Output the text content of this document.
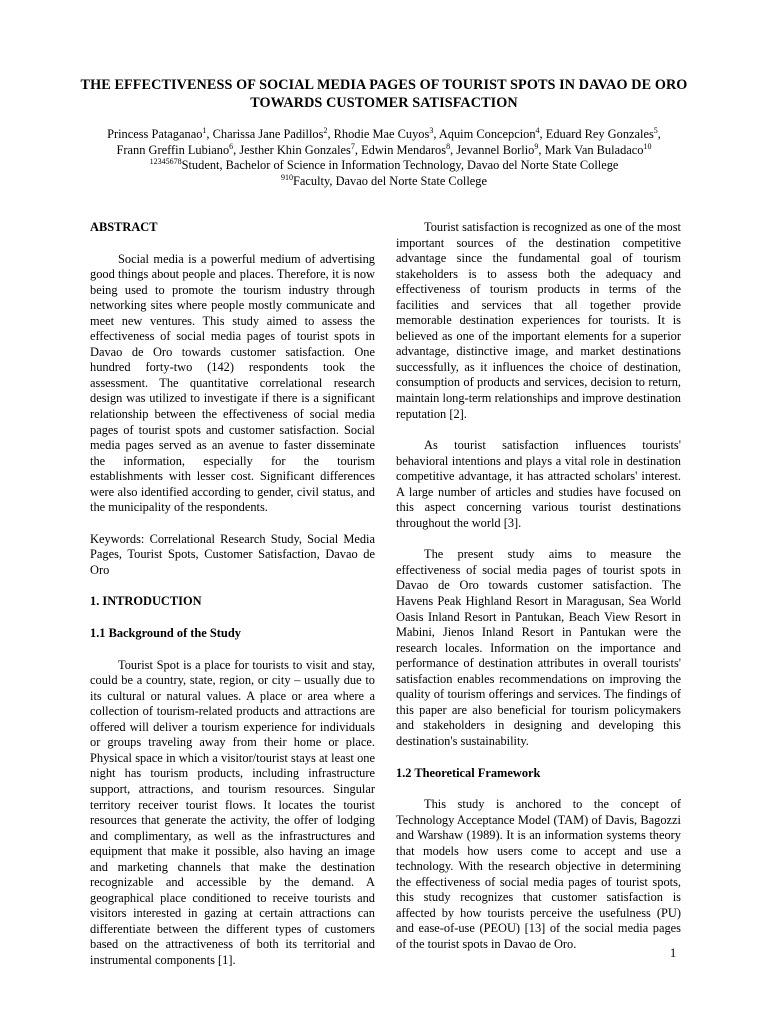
THE EFFECTIVENESS OF SOCIAL MEDIA PAGES OF TOURIST SPOTS IN DAVAO DE ORO TOWARDS CUSTOMER SATISFACTION
Princess Pataganao$^1$, Charissa Jane Padillos$^2$, Rhodie Mae Cuyos$^3$, Aquim Concepcion$^4$, Eduard Rey Gonzales$^5$,
Frann Greffin Lubiano$^6$, Jesther Khin Gonzales$^7$, Edwin Mendaros$^8$, Jevannel Borlio$^9$, Mark Van Buladaco$^{10}$
$^{12345678}$Student, Bachelor of Science in Information Technology, Davao del Norte State College
$^{910}$Faculty, Davao del Norte State College

ABSTRACT

Social media is a powerful medium of advertising good things about people and places. Therefore, it is now being used to promote the tourism industry through networking sites where people mostly communicate and meet new ventures. This study aimed to assess the effectiveness of social media pages of tourist spots in Davao de Oro towards customer satisfaction. One hundred forty-two (142) respondents took the assessment. The quantitative correlational research design was utilized to investigate if there is a significant relationship between the effectiveness of social media pages of tourist spots and customer satisfaction. Social media pages served as an avenue to faster disseminate the information, especially for the tourism establishments with lesser cost. Significant differences were also identified according to gender, civil status, and the municipality of the respondents.

Keywords: Correlational Research Study, Social Media Pages, Tourist Spots, Customer Satisfaction, Davao de Oro

1. INTRODUCTION

1.1 Background of the Study

Tourist Spot is a place for tourists to visit and stay, could be a country, state, region, or city – usually due to its cultural or natural values. A place or area where a collection of tourism-related products and attractions are offered will deliver a tourism experience for individuals or groups traveling away from their home or place. Physical space in which a visitor/tourist stays at least one night has tourism products, including infrastructure support, attractions, and tourism resources. Singular territory receiver tourist flows. It locates the tourist resources that generate the activity, the offer of lodging and complimentary, as well as the infrastructures and equipment that make it possible, also having an image and marketing channels that make the destination recognizable and accessible by the demand. A geographical place conditioned to receive tourists and visitors interested in gazing at certain attractions can differentiate between the different types of customers based on the attractiveness of both its territorial and instrumental components [1].

Tourist satisfaction is recognized as one of the most important sources of the destination competitive advantage since the fundamental goal of tourism stakeholders is to assess both the adequacy and effectiveness of tourism products in terms of the facilities and services that all together provide memorable destination experiences for tourists. It is believed as one of the important elements for a superior advantage, distinctive image, and market destinations successfully, as it influences the choice of destination, consumption of products and services, decision to return, maintain long-term relationships and improve destination reputation [2].

As tourist satisfaction influences tourists' behavioral intentions and plays a vital role in destination competitive advantage, it has attracted scholars' interest. A large number of articles and studies have focused on this aspect concerning various tourist destinations throughout the world [3].

The present study aims to measure the effectiveness of social media pages of tourist spots in Davao de Oro towards customer satisfaction. The Havens Peak Highland Resort in Maragusan, Sea World Oasis Inland Resort in Pantukan, Beach View Resort in Mabini, Jienos Inland Resort in Pantukan were the research locales. Information on the importance and performance of destination attributes in overall tourists' satisfaction enables recommendations on improving the quality of tourism offerings and services. The findings of this paper are also beneficial for tourism policymakers and stakeholders in designing and developing this destination's sustainability.

1.2 Theoretical Framework

This study is anchored to the concept of Technology Acceptance Model (TAM) of Davis, Bagozzi and Warshaw (1989). It is an information systems theory that models how users come to accept and use a technology. With the research objective in determining the effectiveness of social media pages of tourist spots, this study recognizes that customer satisfaction is affected by how tourists perceive the usefulness (PU) and ease-of-use (PEOU) [13] of the social media pages of the tourist spots in Davao de Oro.

1
